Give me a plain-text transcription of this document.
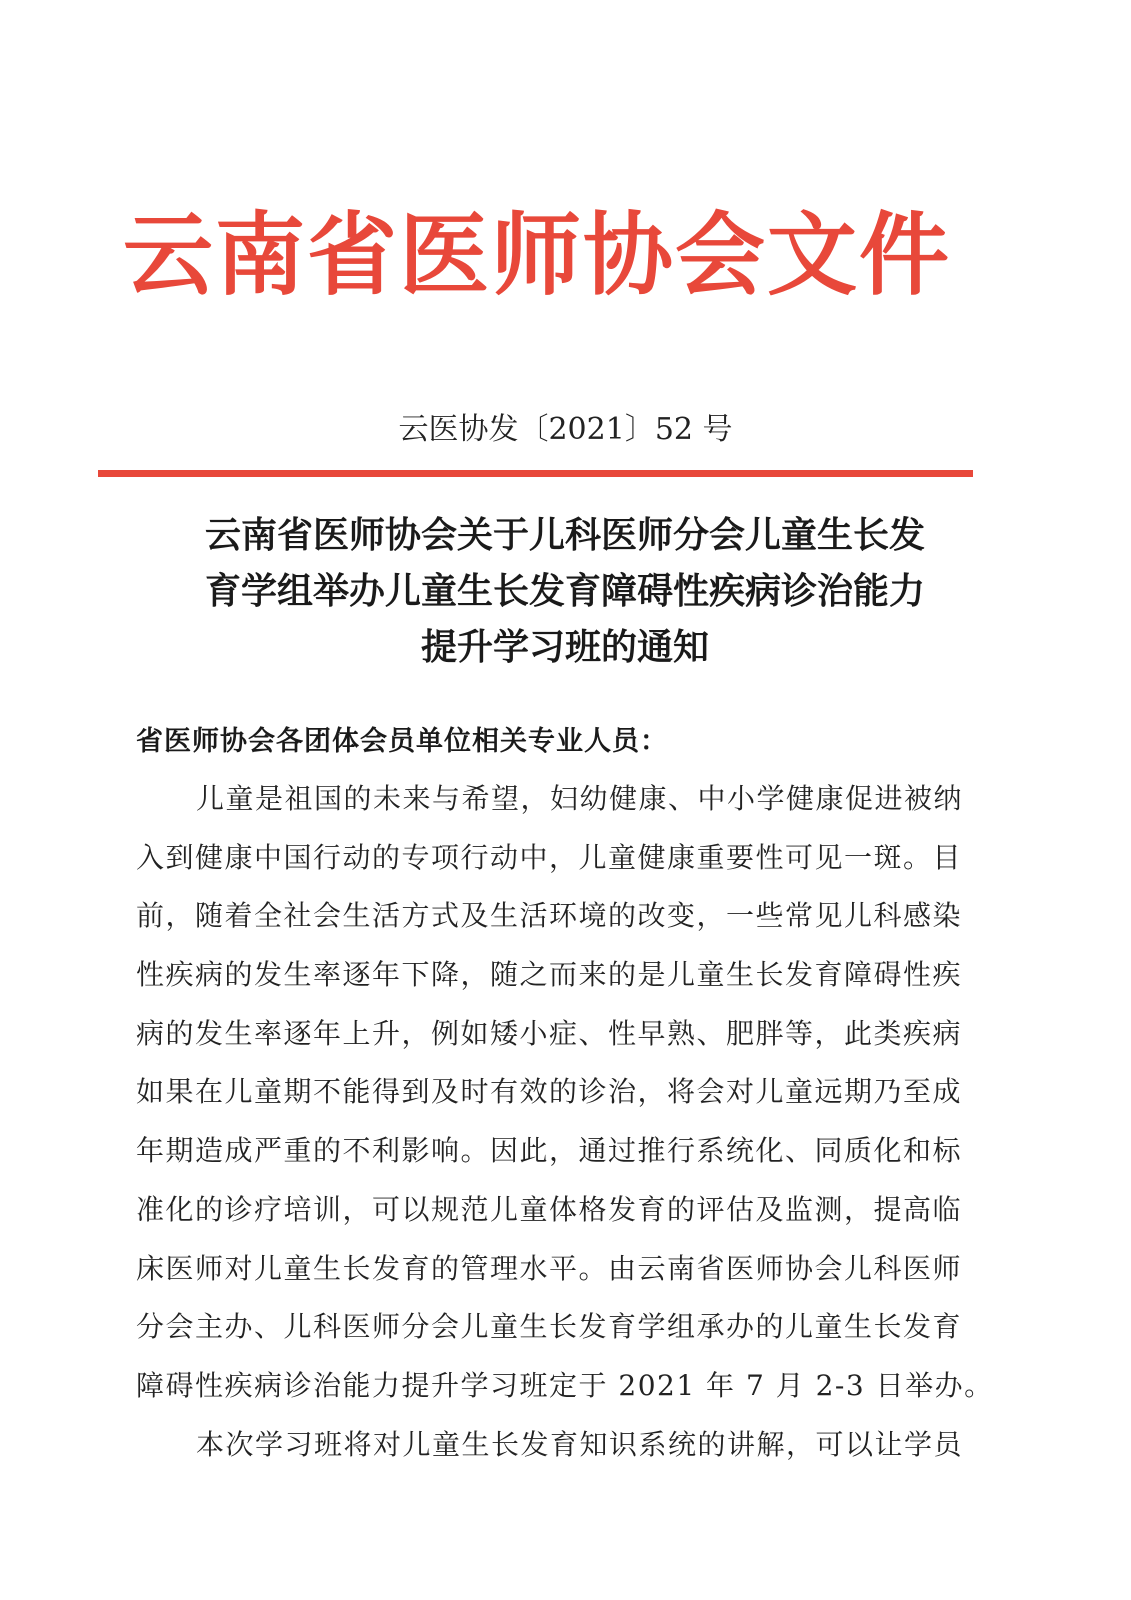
云南省医师协会文件
云医协发〔2021〕52 号
云南省医师协会关于儿科医师分会儿童生长发
育学组举办儿童生长发育障碍性疾病诊治能力
提升学习班的通知
省医师协会各团体会员单位相关专业人员：
儿童是祖国的未来与希望，妇幼健康、中小学健康促进被纳
入到健康中国行动的专项行动中，儿童健康重要性可见一斑。目
前，随着全社会生活方式及生活环境的改变，一些常见儿科感染
性疾病的发生率逐年下降，随之而来的是儿童生长发育障碍性疾
病的发生率逐年上升，例如矮小症、性早熟、肥胖等，此类疾病
如果在儿童期不能得到及时有效的诊治，将会对儿童远期乃至成
年期造成严重的不利影响。因此，通过推行系统化、同质化和标
准化的诊疗培训，可以规范儿童体格发育的评估及监测，提高临
床医师对儿童生长发育的管理水平。由云南省医师协会儿科医师
分会主办、儿科医师分会儿童生长发育学组承办的儿童生长发育
障碍性疾病诊治能力提升学习班定于 2021 年 7 月 2-3 日举办。
本次学习班将对儿童生长发育知识系统的讲解，可以让学员
